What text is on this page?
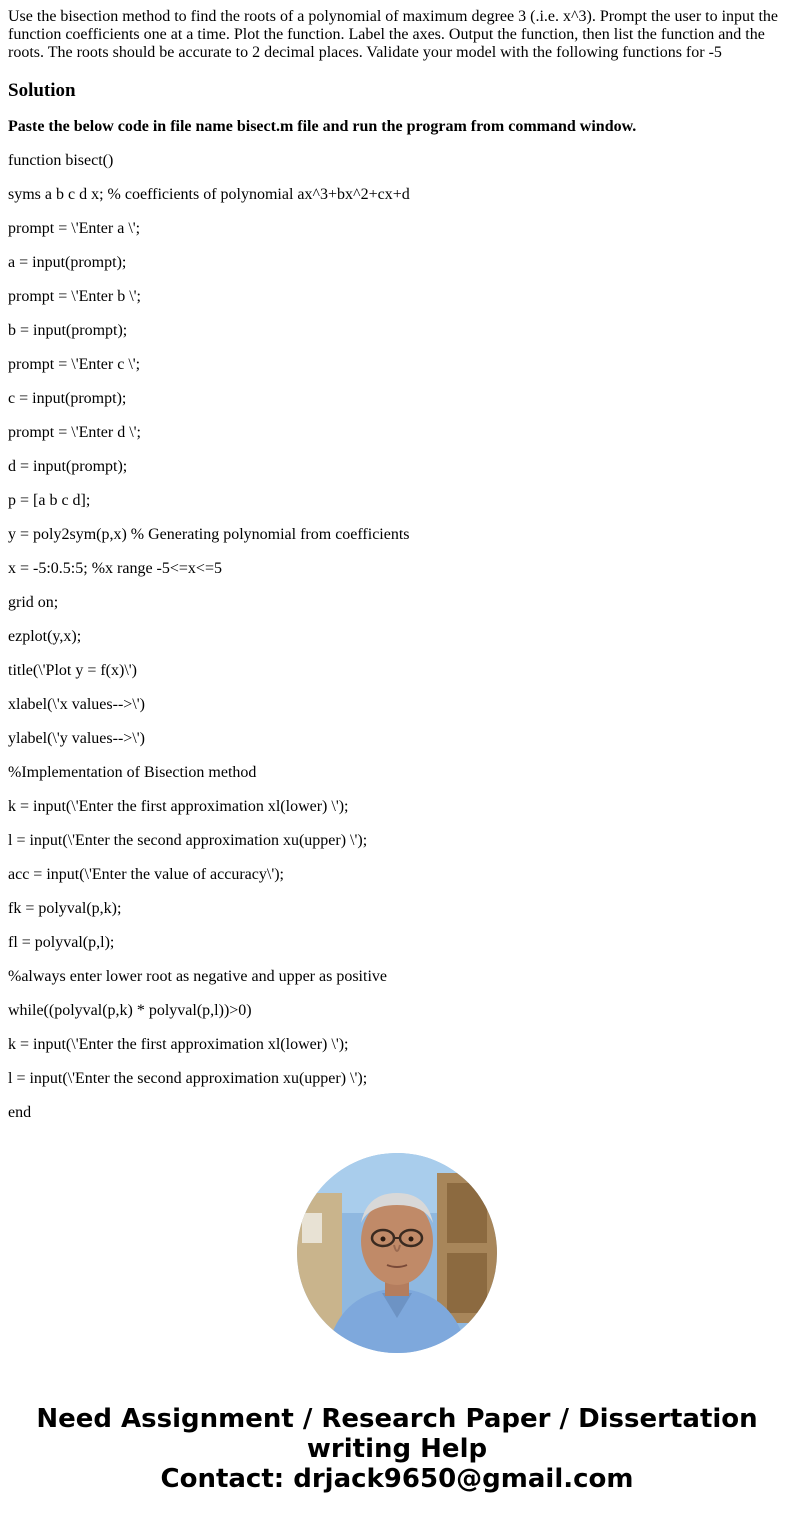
Use the bisection method to find the roots of a polynomial of maximum degree 3 (.i.e. x^3). Prompt the user to input the function coefficients one at a time. Plot the function. Label the axes. Output the function, then list the function and the roots. The roots should be accurate to 2 decimal places. Validate your model with the following functions for -5

Solution

Paste the below code in file name bisect.m file and run the program from command window.

function bisect()
syms a b c d x; % coefficients of polynomial ax^3+bx^2+cx+d
prompt = \'Enter a \';
a = input(prompt);
prompt = \'Enter b \';
b = input(prompt);
prompt = \'Enter c \';
c = input(prompt);
prompt = \'Enter d \';
d = input(prompt);
p = [a b c d];
y = poly2sym(p,x) % Generating polynomial from coefficients
x = -5:0.5:5; %x range -5<=x<=5
grid on;
ezplot(y,x);
title(\'Plot y = f(x)\')
xlabel(\'x values-->\')
ylabel(\'y values-->\')
%Implementation of Bisection method
k = input(\'Enter the first approximation xl(lower) \');
l = input(\'Enter the second approximation xu(upper) \');
acc = input(\'Enter the value of accuracy\');
fk = polyval(p,k);
fl = polyval(p,l);
%always enter lower root as negative and upper as positive
while((polyval(p,k) * polyval(p,l))>0)
k = input(\'Enter the first approximation xl(lower) \');
l = input(\'Enter the second approximation xu(upper) \');
end
Need Assignment / Research Paper / Dissertation
writing Help
Contact: drjack9650@gmail.com
